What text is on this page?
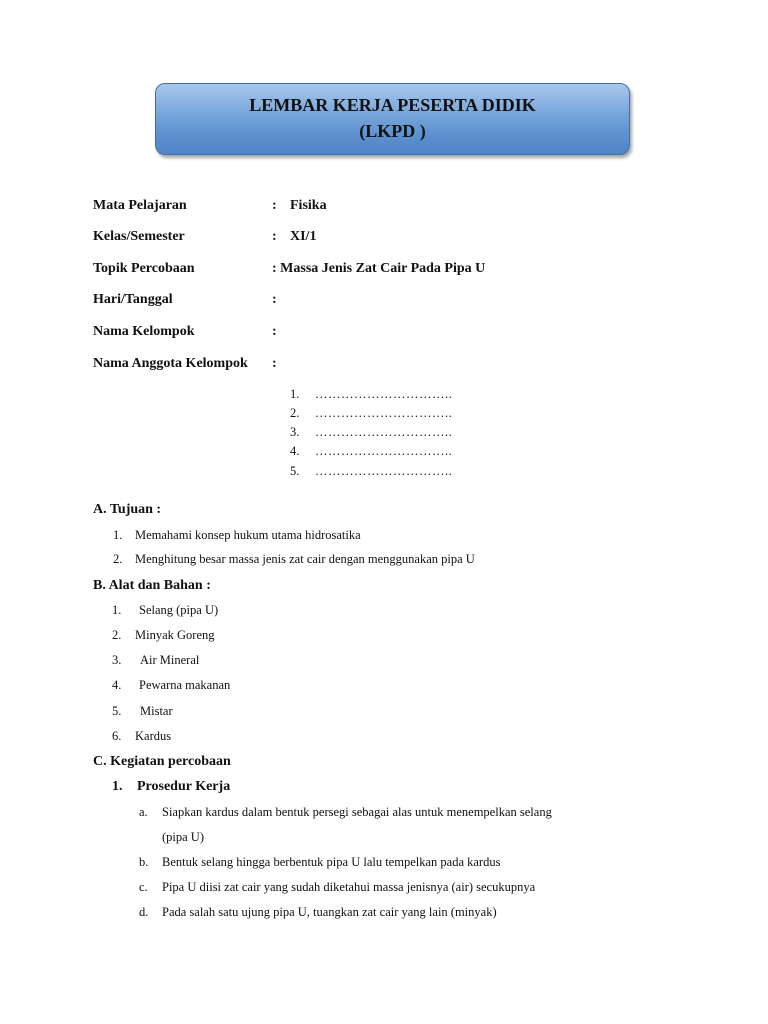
LEMBAR KERJA PESERTA DIDIK
(LKPD )
Mata Pelajaran	: Fisika
Kelas/Semester	: XI/1
Topik Percobaan	: Massa Jenis Zat Cair Pada Pipa U
Hari/Tanggal	:
Nama Kelompok	:
Nama Anggota Kelompok :
1. …………………………..
2. …………………………..
3. …………………………..
4. …………………………..
5. …………………………..
A. Tujuan :
1. Memahami konsep hukum utama hidrosatika
2. Menghitung besar massa jenis zat cair dengan menggunakan pipa U
B. Alat dan Bahan :
1. Selang (pipa U)
2. Minyak Goreng
3. Air Mineral
4. Pewarna makanan
5. Mistar
6. Kardus
C. Kegiatan percobaan
1. Prosedur Kerja
a. Siapkan kardus dalam bentuk persegi sebagai alas untuk menempelkan selang
(pipa U)
b. Bentuk selang hingga berbentuk pipa U lalu tempelkan pada kardus
c. Pipa U diisi zat cair yang sudah diketahui massa jenisnya (air) secukupnya
d. Pada salah satu ujung pipa U, tuangkan zat cair yang lain (minyak)
